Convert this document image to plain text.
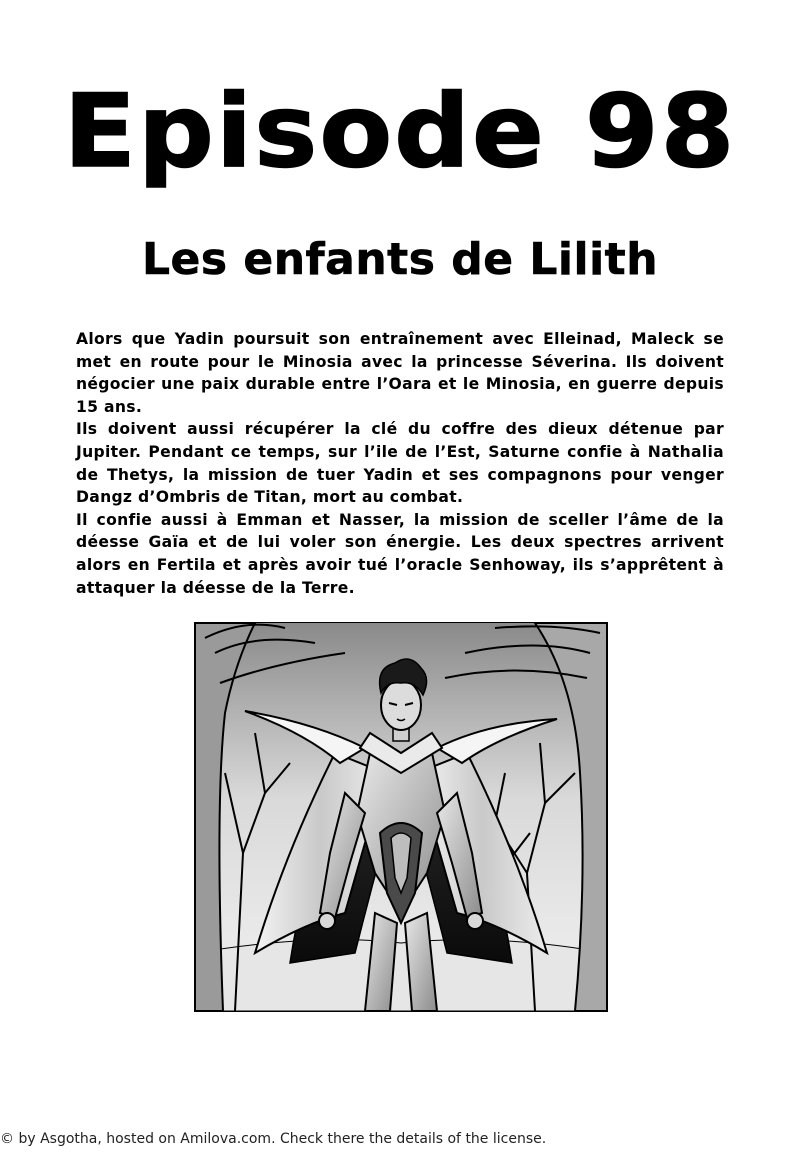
Episode 98
Les enfants de Lilith

Alors que Yadin poursuit son entraînement avec Elleinad, Maleck se met en route pour le Minosia avec la princesse Séverina. Ils doivent négocier une paix durable entre l’Oara et le Minosia, en guerre depuis 15 ans.

Ils doivent aussi récupérer la clé du coffre des dieux détenue par Jupiter. Pendant ce temps, sur l’ile de l’Est, Saturne confie à Nathalia de Thetys, la mission de tuer Yadin et ses compagnons pour venger Dangz d’Ombris de Titan, mort au combat.

Il confie aussi à Emman et Nasser, la mission de sceller l’âme de la déesse Gaïa et de lui voler son énergie. Les deux spectres arrivent alors en Fertila et après avoir tué l’oracle Senhoway, ils s’apprêtent à attaquer la déesse de la Terre.

© by Asgotha, hosted on Amilova.com. Check there the details of the license.
